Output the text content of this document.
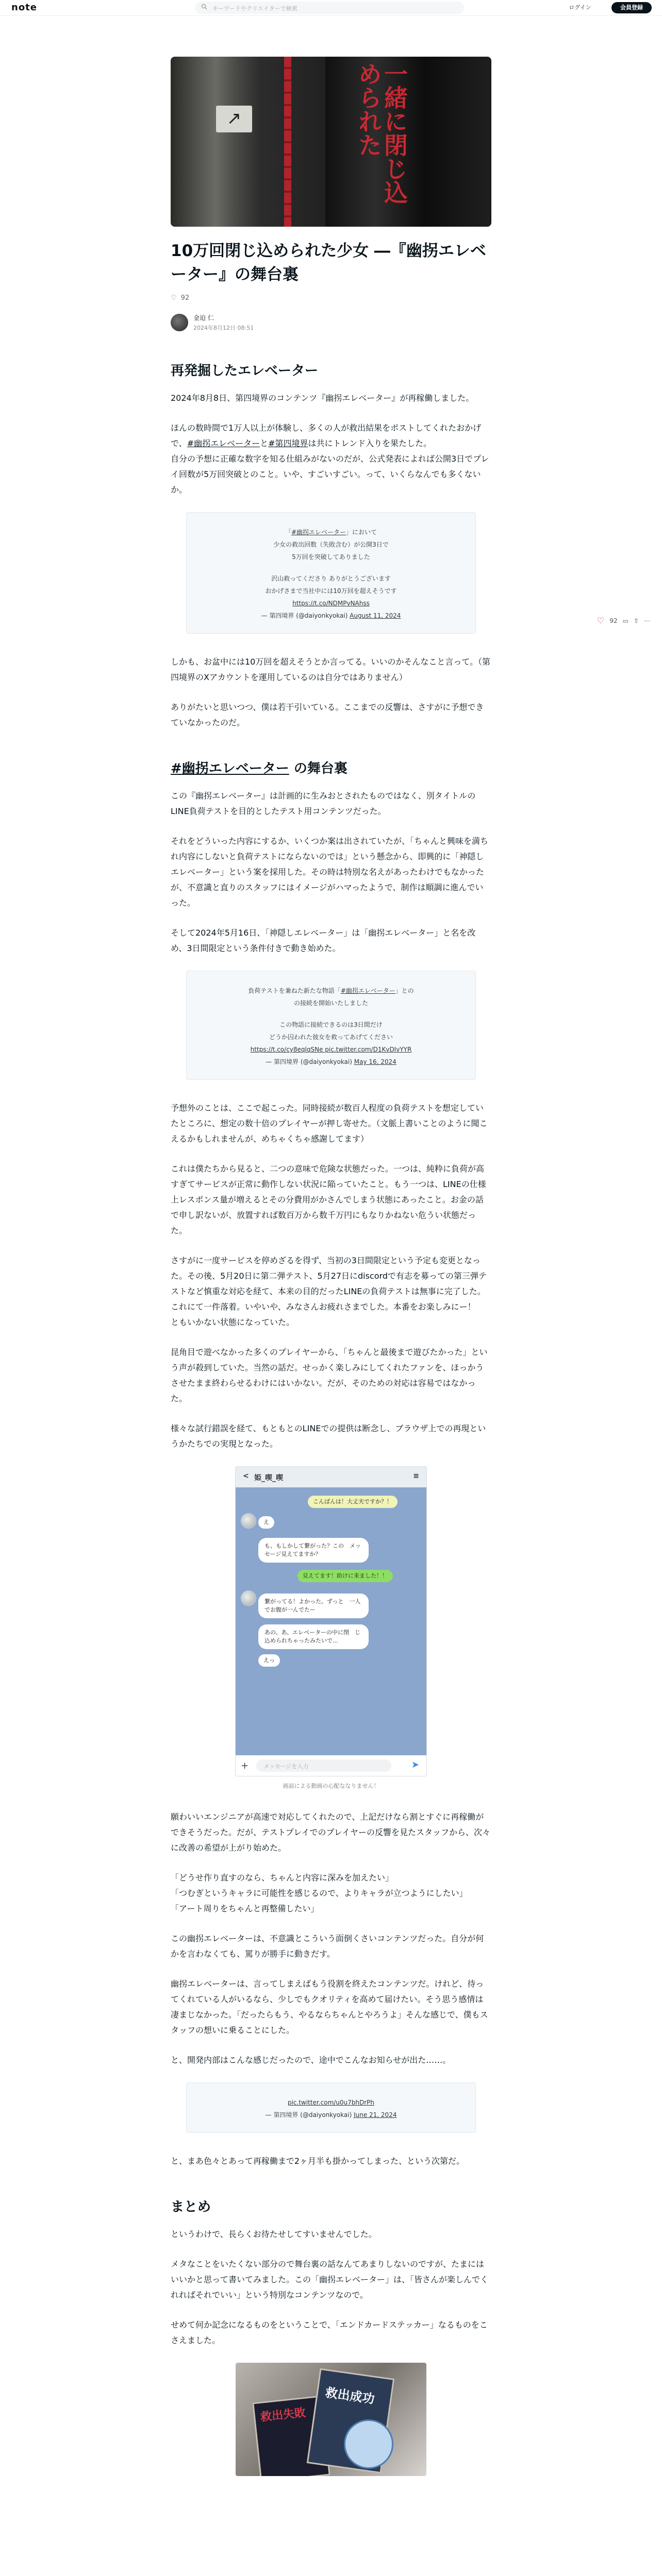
note	キーワードやクリエイターで検索	ログイン	会員登録
♡ 92 ▭ ⇧ ⋯
↗	一緒に閉じ込められた
10万回閉じ込められた少女 ―『幽拐エレベーター』の舞台裏
♡ 92
金迫 仁
2024年8月12日 08:51
再発掘したエレベーター

2024年8月8日、第四境界のコンテンツ『幽拐エレベーター』が再稼働しました。

ほんの数時間で1万人以上が体験し、多くの人が救出結果をポストしてくれたおかげで、#幽拐エレベーターと#第四境界は共にトレンド入りを果たした。
自分の予想に正確な数字を知る仕組みがないのだが、公式発表によれば公開3日でプレイ回数が5万回突破とのこと。いや、すごいすごい。って、いくらなんでも多くないか。

「#幽拐エレベーター」において
少女の救出回数（失敗含む）が公開3日で
5万回を突破してありました
沢山救ってくださり ありがとうございます
おかげさまで当社中には10万回を超えそうです
https://t.co/NDMPvNAhss
— 第四境界 (@daiyonkyokai) August 11, 2024

しかも、お盆中には10万回を超えそうとか言ってる。いいのかそんなこと言って。（第四境界のXアカウントを運用しているのは自分ではありません）

ありがたいと思いつつ、僕は若干引いている。ここまでの反響は、さすがに予想できていなかったのだ。

#幽拐エレベーター の舞台裏

この『幽拐エレベーター』は計画的に生みおとされたものではなく、別タイトルのLINE負荷テストを目的としたテスト用コンテンツだった。

それをどういった内容にするか、いくつか案は出されていたが、「ちゃんと興味を満ちれ内容にしないと負荷テストにならないのでは」という懸念から、即興的に「神隠しエレベーター」という案を採用した。その時は特別な名えがあったわけでもなかったが、不意識と直りのスタッフにはイメージがハマったようで、制作は順調に進んでいった。

そして2024年5月16日、「神隠しエレベーター」は「幽拐エレベーター」と名を改め、3日間限定という条件付きで動き始めた。

負荷テストを兼ねた新たな物語「#幽拐エレベーター」との
の接続を開始いたしました
この物語に接続できるのは3日間だけ
どうか囚われた彼女を救ってあげてください
https://t.co/cy8eqlqSNe pic.twitter.com/D1KvDIvYYR
— 第四境界 (@daiyonkyokai) May 16, 2024

予想外のことは、ここで起こった。同時接続が数百人程度の負荷テストを想定していたところに、想定の数十倍のプレイヤーが押し寄せた。（文脈上書いことのように聞こえるかもしれませんが、めちゃくちゃ感謝してます）

これは僕たちから見ると、二つの意味で危険な状態だった。一つは、純粋に負荷が高すぎてサービスが正常に動作しない状況に陥っていたこと。もう一つは、LINEの仕様上レスポンス量が増えるとその分費用がかさんでしまう状態にあったこと。お金の話で申し訳ないが、放置すれば数百万から数千万円にもなりかねない危うい状態だった。

さすがに一度サービスを停めざるを得ず、当初の3日間限定という予定も変更となった。その後、5月20日に第二弾テスト、5月27日にdiscordで有志を募っての第三弾テストなど慎重な対応を経て、本来の目的だったLINEの負荷テストは無事に完了した。これにて一件落着。いやいや、みなさんお疲れさまでした。本番をお楽しみにー！　ともいかない状態になっていた。

昆角目で遊べなかった多くのプレイヤーから、「ちゃんと最後まで遊びたかった」という声が殺到していた。当然の話だ。せっかく楽しみにしてくれたファンを、ほっかうさせたまま終わらせるわけにはいかない。だが、そのための対応は容易ではなかった。

様々な試行錯誤を経て、もともとのLINEでの提供は断念し、ブラウザ上での再現というかたちでの実現となった。

< 姫_喫_喫	≡
こんばんは！大丈夫ですか？！
え
も、もしかして繋がった？この　メッセージ見えてますか？
見えてます！助けに来ました！！
繋がってる！よかった。ずっと　一人でお腹が一んでたー
あの、あ、エレベーターの中に閉　じ込められちゃったみたいで...
えっ
+	メッセージを入力	➤
画面による動画の心配ななりません！

願わいいエンジニアが高速で対応してくれたので、上記だけなら割とすぐに再稼働ができそうだった。だが、テストプレイでのプレイヤーの反響を見たスタッフから、次々に改善の希望が上がり始めた。

「どうせ作り直すのなら、ちゃんと内容に深みを加えたい」
「つむぎというキャラに可能性を感じるので、よりキャラが立つようにしたい」
「アート周りをちゃんと再整備したい」

この幽拐エレベーターは、不意識とこういう面倒くさいコンテンツだった。自分が何かを言わなくても、罵りが勝手に動きだす。

幽拐エレベーターは、言ってしまえばもう役割を終えたコンテンツだ。けれど、待ってくれている人がいるなら、少しでもクオリティを高めて届けたい。そう思う感情は凄まじなかった。「だったらもう、やるならちゃんとやろうよ」そんな感じで、僕もスタッフの想いに乗ることにした。

と、開発内部はこんな感じだったので、途中でこんなお知らせが出た……。

pic.twitter.com/u0u7bhDrPh
— 第四境界 (@daiyonkyokai) June 21, 2024

と、まあ色々とあって再稼働まで2ヶ月半も掛かってしまった、という次第だ。

まとめ

というわけで、長らくお待たせしてすいませんでした。

メタなことをいたくない部分ので舞台裏の話なんてあまりしないのですが、たまにはいいかと思って書いてみました。この「幽拐エレベーター」は、「皆さんが楽しんでくれればそれでいい」という特別なコンテンツなので。

せめて何か記念になるものをということで、「エンドカードステッカー」なるものをこさえました。

救出失敗
救出成功
